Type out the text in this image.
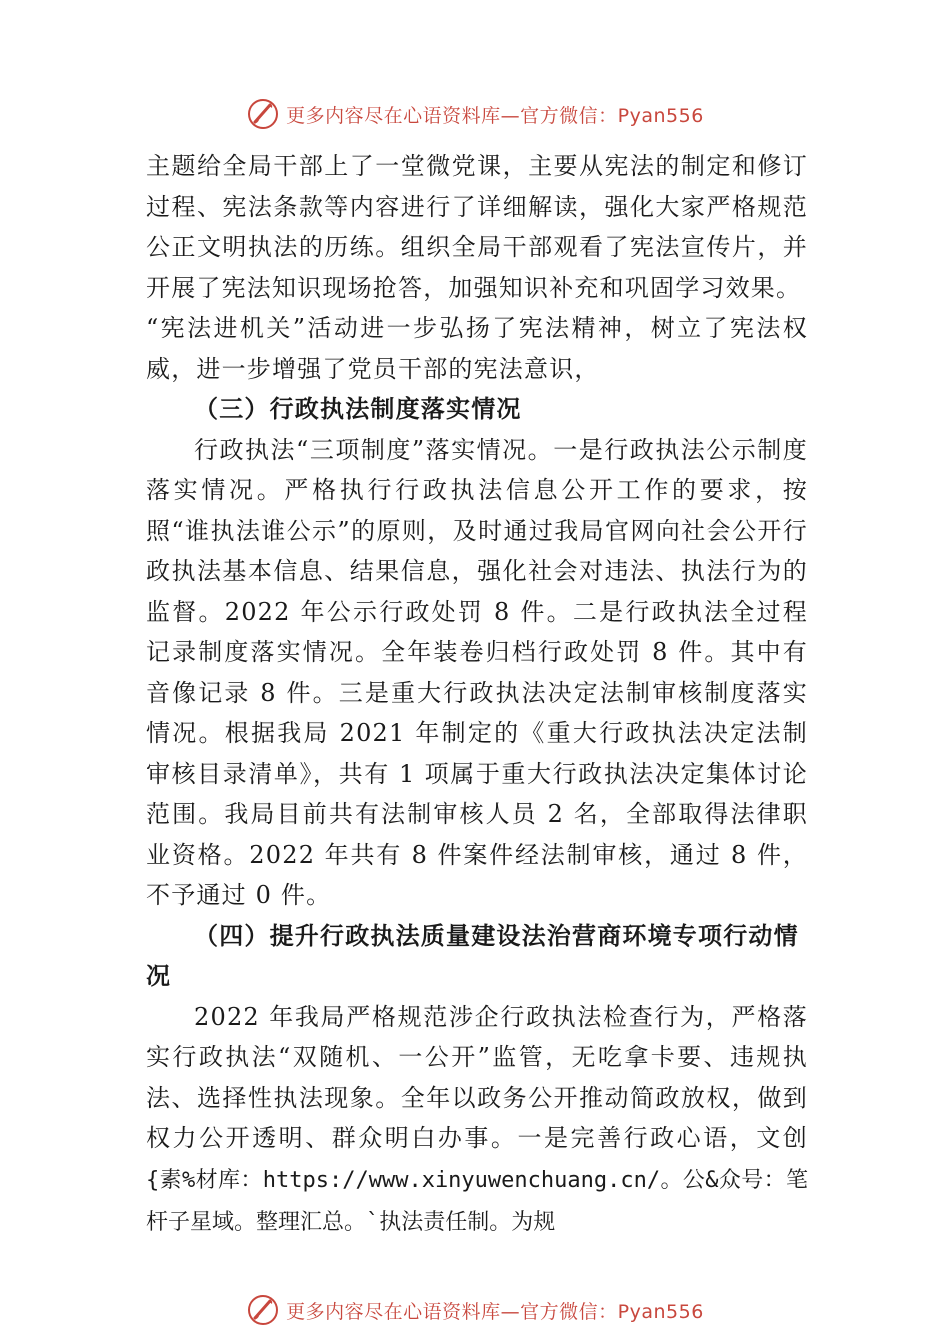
更多内容尽在心语资料库—官方微信：Pyan556

主题给全局干部上了一堂微党课，主要从宪法的制定和修订过程、宪法条款等内容进行了详细解读，强化大家严格规范公正文明执法的历练。组织全局干部观看了宪法宣传片，并开展了宪法知识现场抢答，加强知识补充和巩固学习效果。

“宪法进机关”活动进一步弘扬了宪法精神，树立了宪法权威，进一步增强了党员干部的宪法意识，

（三）行政执法制度落实情况

行政执法“三项制度”落实情况。一是行政执法公示制度落实情况。严格执行行政执法信息公开工作的要求，按照“谁执法谁公示”的原则，及时通过我局官网向社会公开行政执法基本信息、结果信息，强化社会对违法、执法行为的监督。2022 年公示行政处罚 8 件。二是行政执法全过程记录制度落实情况。全年装卷归档行政处罚 8 件。其中有音像记录 8 件。三是重大行政执法决定法制审核制度落实情况。根据我局 2021 年制定的《重大行政执法决定法制审核目录清单》，共有 1 项属于重大行政执法决定集体讨论范围。我局目前共有法制审核人员 2 名，全部取得法律职业资格。2022 年共有 8 件案件经法制审核，通过 8 件，不予通过 0 件。

（四）提升行政执法质量建设法治营商环境专项行动情况

2022 年我局严格规范涉企行政执法检查行为，严格落实行政执法“双随机、一公开”监管，无吃拿卡要、违规执法、选择性执法现象。全年以政务公开推动简政放权，做到权力公开透明、群众明白办事。一是完善行政心语，文创{素%材库：https://www.xinyuwenchuang.cn/。公&众号：笔杆子星域。整理汇总。`执法责任制。为规

更多内容尽在心语资料库—官方微信：Pyan556
